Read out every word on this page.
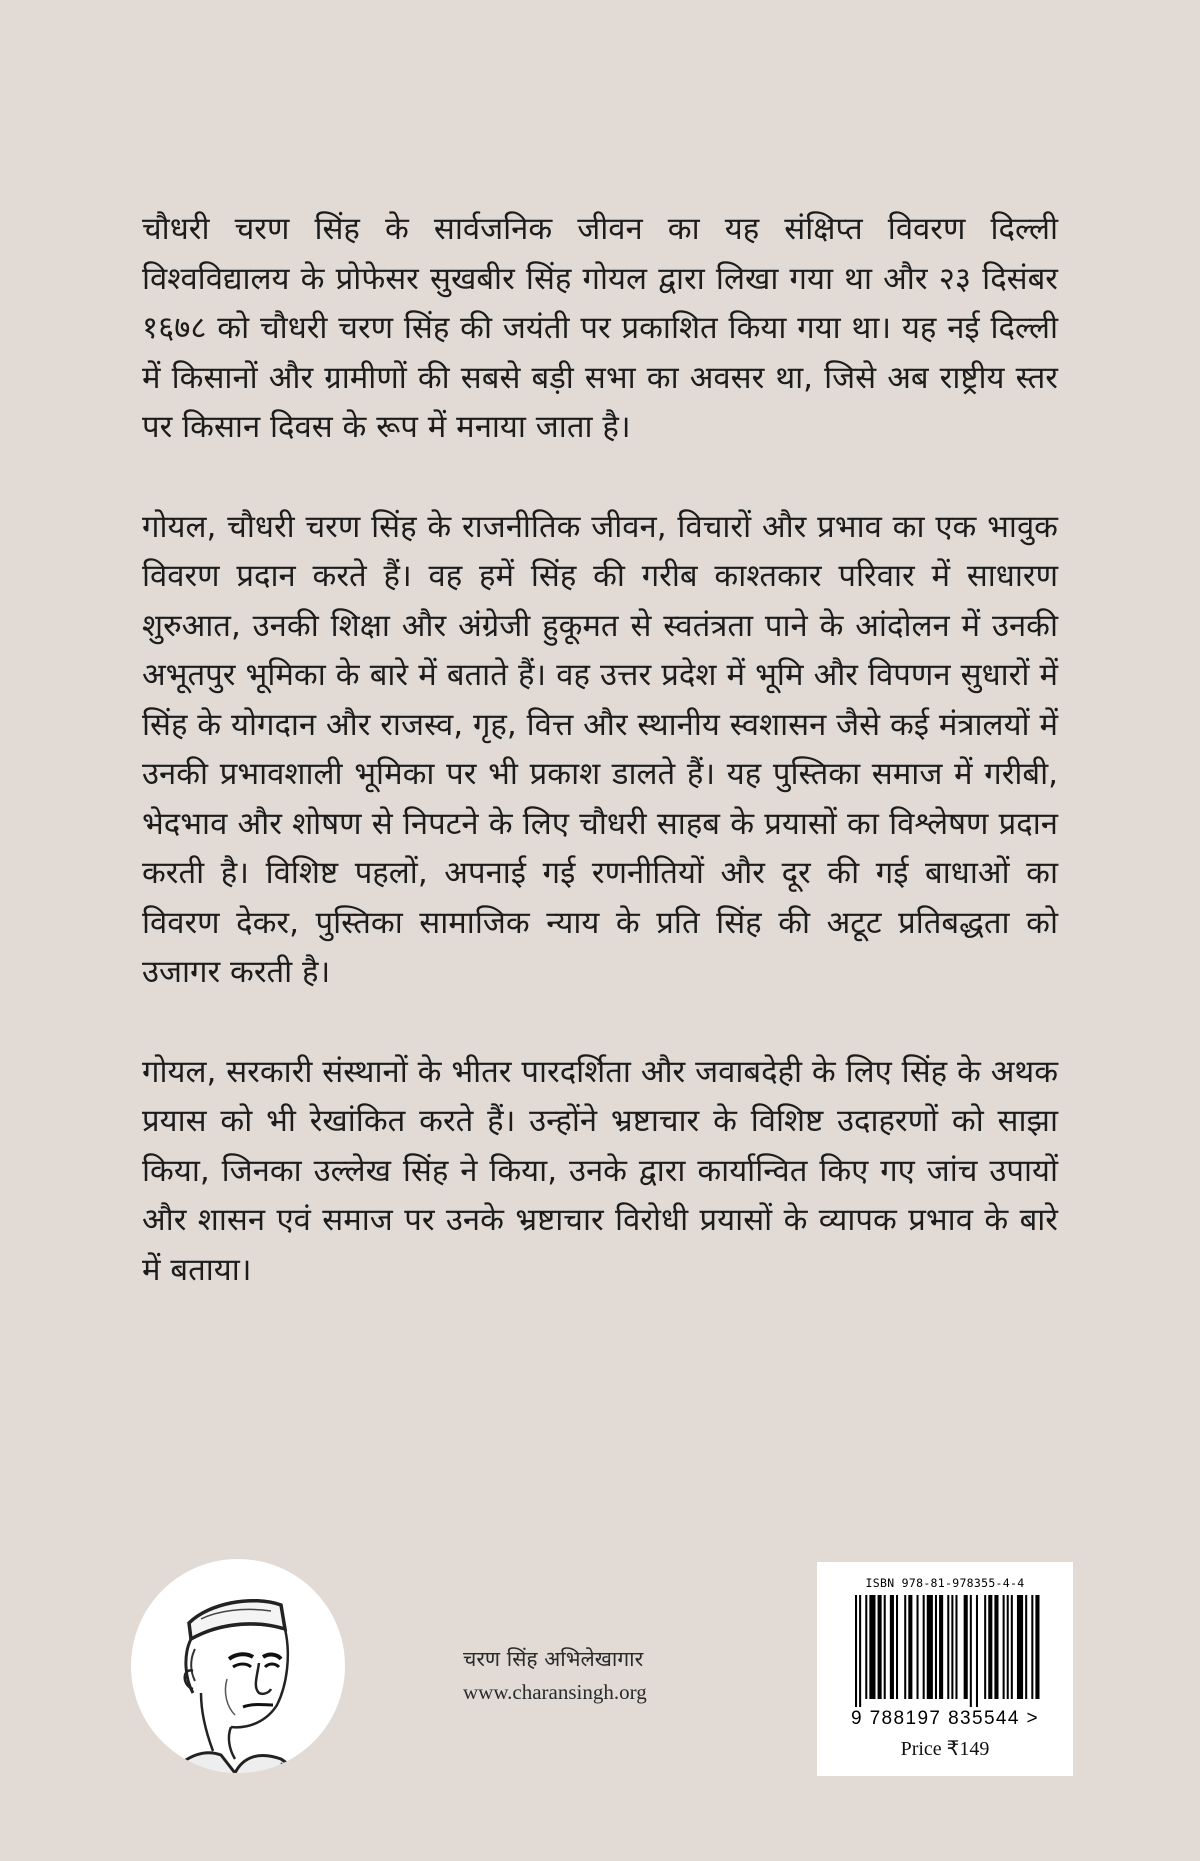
चौधरी चरण सिंह के सार्वजनिक जीवन का यह संक्षिप्त विवरण दिल्ली विश्वविद्यालय के प्रोफेसर सुखबीर सिंह गोयल द्वारा लिखा गया था और २३ दिसंबर १६७८ को चौधरी चरण सिंह की जयंती पर प्रकाशित किया गया था। यह नई दिल्ली में किसानों और ग्रामीणों की सबसे बड़ी सभा का अवसर था, जिसे अब राष्ट्रीय स्तर पर किसान दिवस के रूप में मनाया जाता है।

गोयल, चौधरी चरण सिंह के राजनीतिक जीवन, विचारों और प्रभाव का एक भावुक विवरण प्रदान करते हैं। वह हमें सिंह की गरीब काश्तकार परिवार में साधारण शुरुआत, उनकी शिक्षा और अंग्रेजी हुकूमत से स्वतंत्रता पाने के आंदोलन में उनकी अभूतपुर भूमिका के बारे में बताते हैं। वह उत्तर प्रदेश में भूमि और विपणन सुधारों में सिंह के योगदान और राजस्व, गृह, वित्त और स्थानीय स्वशासन जैसे कई मंत्रालयों में उनकी प्रभावशाली भूमिका पर भी प्रकाश डालते हैं। यह पुस्तिका समाज में गरीबी, भेदभाव और शोषण से निपटने के लिए चौधरी साहब के प्रयासों का विश्लेषण प्रदान करती है। विशिष्ट पहलों, अपनाई गई रणनीतियों और दूर की गई बाधाओं का विवरण देकर, पुस्तिका सामाजिक न्याय के प्रति सिंह की अटूट प्रतिबद्धता को उजागर करती है।

गोयल, सरकारी संस्थानों के भीतर पारदर्शिता और जवाबदेही के लिए सिंह के अथक प्रयास को भी रेखांकित करते हैं। उन्होंने भ्रष्टाचार के विशिष्ट उदाहरणों को साझा किया, जिनका उल्लेख सिंह ने किया, उनके द्वारा कार्यान्वित किए गए जांच उपायों और शासन एवं समाज पर उनके भ्रष्टाचार विरोधी प्रयासों के व्यापक प्रभाव के बारे में बताया।

चरण सिंह अभिलेखागार
www.charansingh.org
ISBN 978-81-978355-4-4
9 788197 835544 >
Price ₹149
